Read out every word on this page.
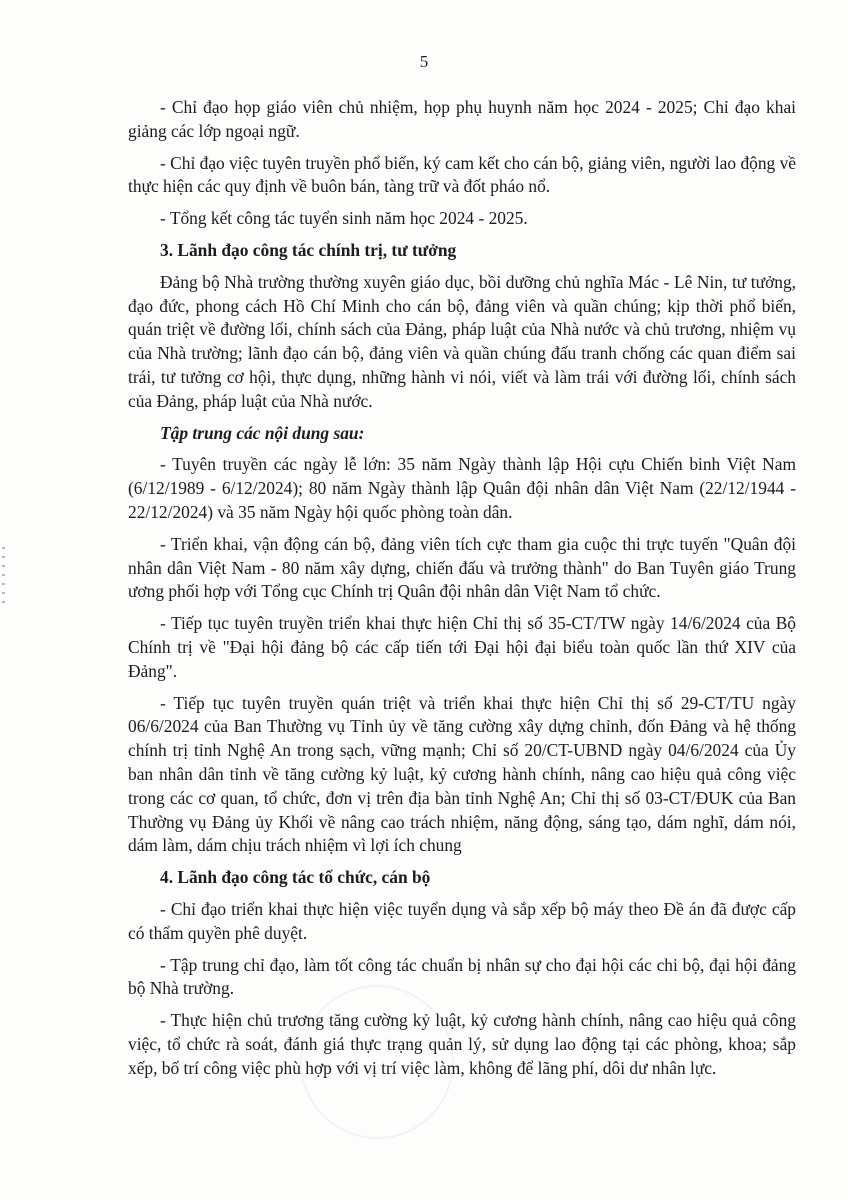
5

- Chỉ đạo họp giáo viên chủ nhiệm, họp phụ huynh năm học 2024 - 2025; Chỉ đạo khai giảng các lớp ngoại ngữ.

- Chỉ đạo việc tuyên truyền phổ biến, ký cam kết cho cán bộ, giảng viên, người lao động về thực hiện các quy định về buôn bán, tàng trữ và đốt pháo nổ.

- Tổng kết công tác tuyển sinh năm học 2024 - 2025.

3. Lãnh đạo công tác chính trị, tư tưởng

Đảng bộ Nhà trường thường xuyên giáo dục, bồi dưỡng chủ nghĩa Mác - Lê Nin, tư tưởng, đạo đức, phong cách Hồ Chí Minh cho cán bộ, đảng viên và quần chúng; kịp thời phổ biến, quán triệt về đường lối, chính sách của Đảng, pháp luật của Nhà nước và chủ trương, nhiệm vụ của Nhà trường; lãnh đạo cán bộ, đảng viên và quần chúng đấu tranh chống các quan điểm sai trái, tư tưởng cơ hội, thực dụng, những hành vi nói, viết và làm trái với đường lối, chính sách của Đảng, pháp luật của Nhà nước.

Tập trung các nội dung sau:

- Tuyên truyền các ngày lễ lớn: 35 năm Ngày thành lập Hội cựu Chiến binh Việt Nam (6/12/1989 - 6/12/2024); 80 năm Ngày thành lập Quân đội nhân dân Việt Nam (22/12/1944 - 22/12/2024) và 35 năm Ngày hội quốc phòng toàn dân.

- Triển khai, vận động cán bộ, đảng viên tích cực tham gia cuộc thi trực tuyến "Quân đội nhân dân Việt Nam - 80 năm xây dựng, chiến đấu và trưởng thành" do Ban Tuyên giáo Trung ương phối hợp với Tổng cục Chính trị Quân đội nhân dân Việt Nam tổ chức.

- Tiếp tục tuyên truyền triển khai thực hiện Chỉ thị số 35-CT/TW ngày 14/6/2024 của Bộ Chính trị về "Đại hội đảng bộ các cấp tiến tới Đại hội đại biểu toàn quốc lần thứ XIV của Đảng".

- Tiếp tục tuyên truyền quán triệt và triển khai thực hiện Chỉ thị số 29-CT/TU ngày 06/6/2024 của Ban Thường vụ Tỉnh ủy về tăng cường xây dựng chỉnh, đốn Đảng và hệ thống chính trị tỉnh Nghệ An trong sạch, vững mạnh; Chỉ số 20/CT-UBND ngày 04/6/2024 của Ủy ban nhân dân tỉnh về tăng cường kỷ luật, kỷ cương hành chính, nâng cao hiệu quả công việc trong các cơ quan, tổ chức, đơn vị trên địa bàn tỉnh Nghệ An; Chỉ thị số 03-CT/ĐUK của Ban Thường vụ Đảng ủy Khối về nâng cao trách nhiệm, năng động, sáng tạo, dám nghĩ, dám nói, dám làm, dám chịu trách nhiệm vì lợi ích chung

4. Lãnh đạo công tác tổ chức, cán bộ

- Chỉ đạo triển khai thực hiện việc tuyển dụng và sắp xếp bộ máy theo Đề án đã được cấp có thẩm quyền phê duyệt.

- Tập trung chỉ đạo, làm tốt công tác chuẩn bị nhân sự cho đại hội các chi bộ, đại hội đảng bộ Nhà trường.

- Thực hiện chủ trương tăng cường kỷ luật, kỷ cương hành chính, nâng cao hiệu quả công việc, tổ chức rà soát, đánh giá thực trạng quản lý, sử dụng lao động tại các phòng, khoa; sắp xếp, bố trí công việc phù hợp với vị trí việc làm, không để lãng phí, dôi dư nhân lực.
